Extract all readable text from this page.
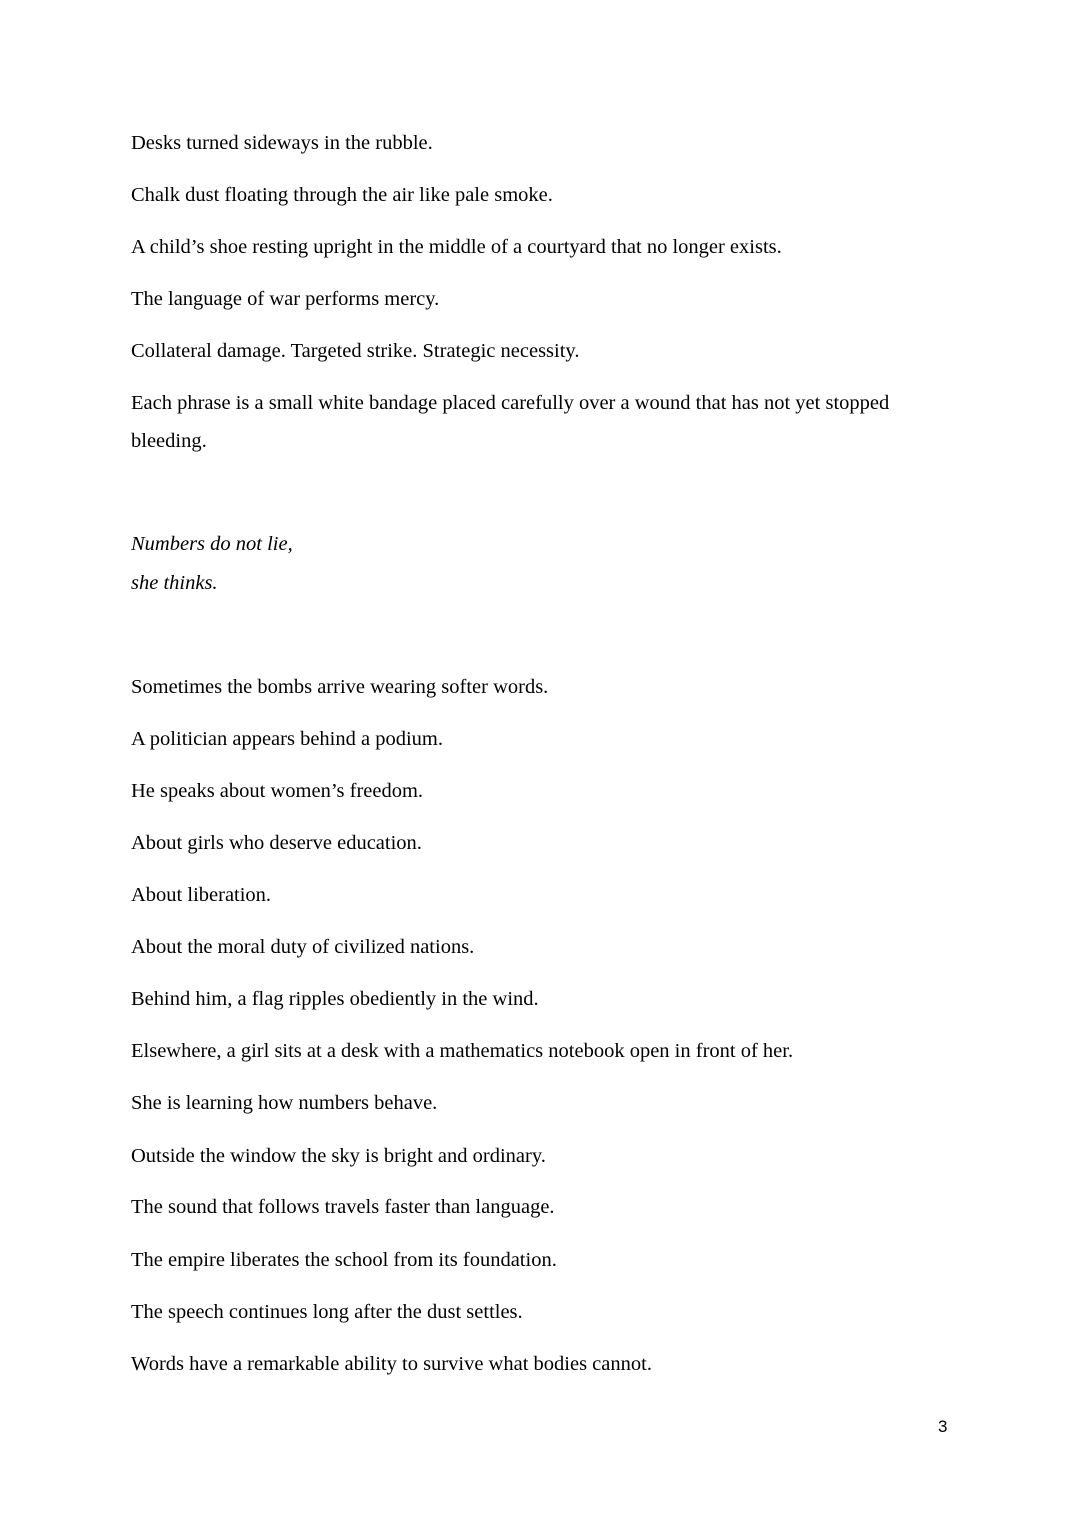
Desks turned sideways in the rubble.
Chalk dust floating through the air like pale smoke.
A child’s shoe resting upright in the middle of a courtyard that no longer exists.
The language of war performs mercy.
Collateral damage. Targeted strike. Strategic necessity.
Each phrase is a small white bandage placed carefully over a wound that has not yet stopped
bleeding.
Numbers do not lie,
she thinks.
Sometimes the bombs arrive wearing softer words.
A politician appears behind a podium.
He speaks about women’s freedom.
About girls who deserve education.
About liberation.
About the moral duty of civilized nations.
Behind him, a flag ripples obediently in the wind.
Elsewhere, a girl sits at a desk with a mathematics notebook open in front of her.
She is learning how numbers behave.
Outside the window the sky is bright and ordinary.
The sound that follows travels faster than language.
The empire liberates the school from its foundation.
The speech continues long after the dust settles.
Words have a remarkable ability to survive what bodies cannot.
3
